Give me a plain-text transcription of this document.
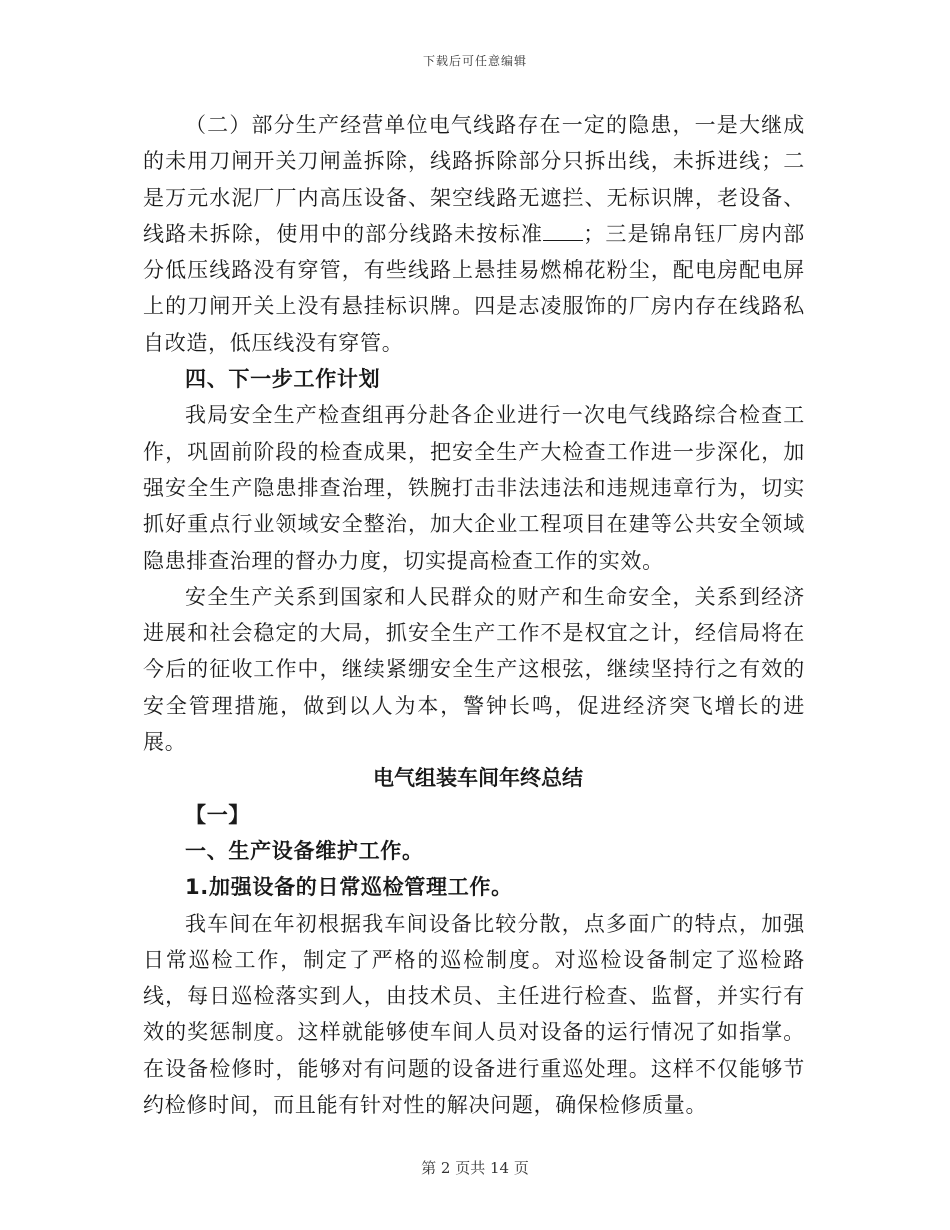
下载后可任意编辑

（二）部分生产经营单位电气线路存在一定的隐患，一是大继成的未用刀闸开关刀闸盖拆除，线路拆除部分只拆出线，未拆进线；二是万元水泥厂厂内高压设备、架空线路无遮拦、无标识牌，老设备、线路未拆除，使用中的部分线路未按标准 ；三是锦帛钰厂房内部分低压线路没有穿管，有些线路上悬挂易燃棉花粉尘，配电房配电屏上的刀闸开关上没有悬挂标识牌。四是志凌服饰的厂房内存在线路私自改造，低压线没有穿管。

四、下一步工作计划

我局安全生产检查组再分赴各企业进行一次电气线路综合检查工作，巩固前阶段的检查成果，把安全生产大检查工作进一步深化，加强安全生产隐患排查治理，铁腕打击非法违法和违规违章行为，切实抓好重点行业领域安全整治，加大企业工程项目在建等公共安全领域隐患排查治理的督办力度，切实提高检查工作的实效。

安全生产关系到国家和人民群众的财产和生命安全，关系到经济进展和社会稳定的大局，抓安全生产工作不是权宜之计，经信局将在今后的征收工作中，继续紧绷安全生产这根弦，继续坚持行之有效的安全管理措施，做到以人为本，警钟长鸣，促进经济突飞增长的进展。

电气组装车间年终总结

【一】

一、生产设备维护工作。

1.加强设备的日常巡检管理工作。

我车间在年初根据我车间设备比较分散，点多面广的特点，加强日常巡检工作，制定了严格的巡检制度。对巡检设备制定了巡检路线，每日巡检落实到人，由技术员、主任进行检查、监督，并实行有效的奖惩制度。这样就能够使车间人员对设备的运行情况了如指掌。在设备检修时，能够对有问题的设备进行重巡处理。这样不仅能够节约检修时间，而且能有针对性的解决问题，确保检修质量。

第 2 页共 14 页
